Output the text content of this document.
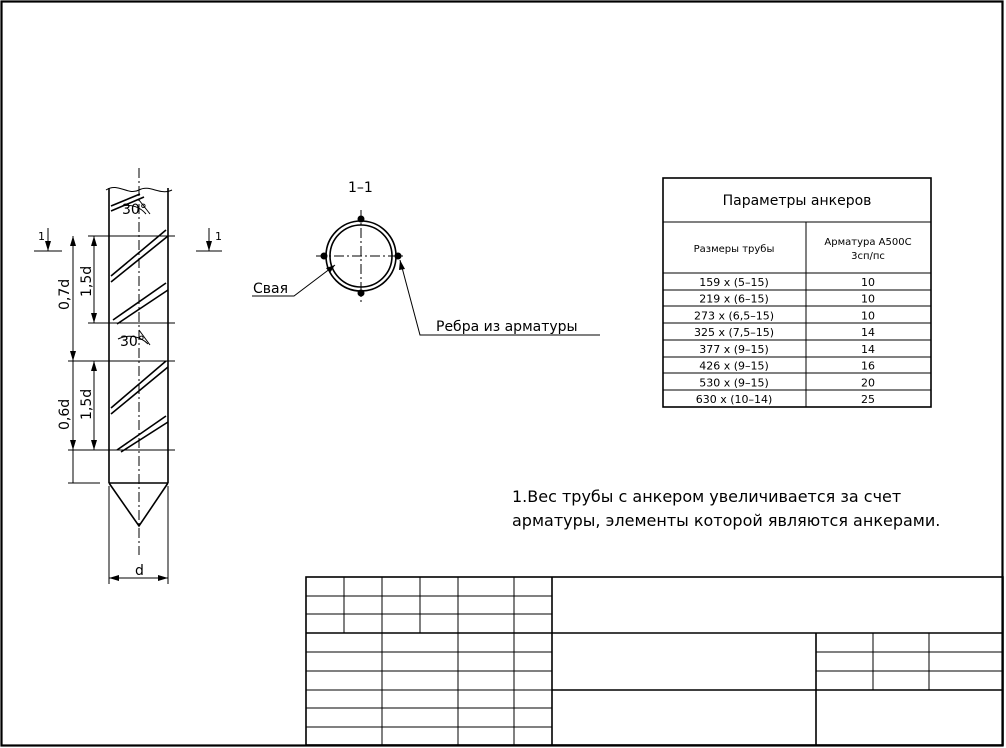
30°
30°
0,7d 1,5d
0,6d 1,5d
d
1	1
1–1
Свая
Ребра из арматуры
Параметры анкеров
Размеры трубы
Арматура А500С
3сп/пс
159 x (5–15)	10
219 x (6–15)	10
273 x (6,5–15)	10
325 x (7,5–15)	14
377 x (9–15)	14
426 x (9–15)	16
530 x (9–15)	20
630 x (10–14)	25
1.Вес трубы с анкером увеличивается за счет
арматуры, элементы которой являются анкерами.
